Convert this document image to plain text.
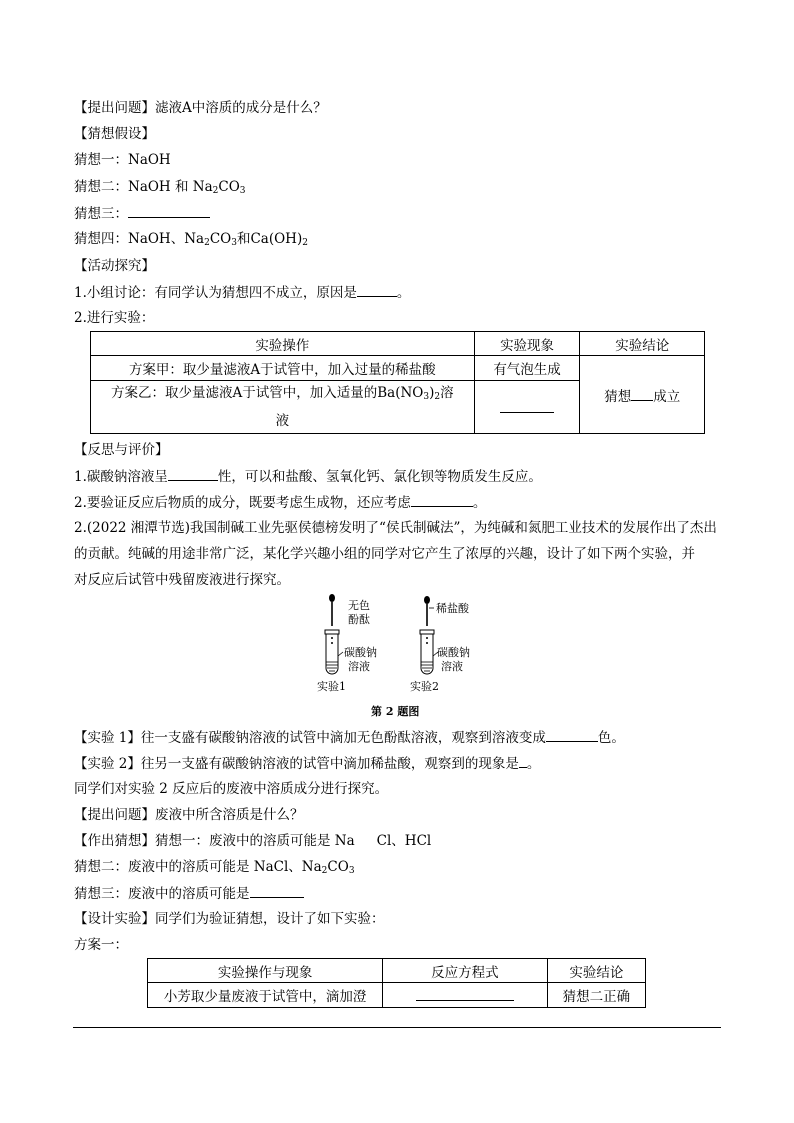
【提出问题】滤液A中溶质的成分是什么？
【猜想假设】
猜想一：NaOH
猜想二：NaOH 和 $Na_2CO_3$
猜想三：
猜想四：NaOH、$Na_2CO_3$和$Ca(OH)_2$
【活动探究】
1.小组讨论：有同学认为猜想四不成立，原因是	。
2.进行实验：
实验操作	实验现象	实验结论
方案甲：取少量滤液A于试管中，加入过量的稀盐酸	有气泡生成	猜想 成立
方案乙：取少量滤液A于试管中，加入适量的$Ba(NO_3)_2$溶
液		
【反思与评价】
1.碳酸钠溶液呈	性，可以和盐酸、氢氧化钙、氯化钡等物质发生反应。
2.要验证反应后物质的成分，既要考虑生成物，还应考虑	。
2.(2022 湘潭节选)我国制碱工业先驱侯德榜发明了“侯氏制碱法”，为纯碱和氮肥工业技术的发展作出了杰出
的贡献。纯碱的用途非常广泛，某化学兴趣小组的同学对它产生了浓厚的兴趣，设计了如下两个实验，并
对反应后试管中残留废液进行探究。
无色
酚酞
碳酸钠
溶液
实验1
稀盐酸
碳酸钠
溶液
实验2
第 2 题图
【实验 1】往一支盛有碳酸钠溶液的试管中滴加无色酚酞溶液，观察到溶液变成	色。
【实验 2】往另一支盛有碳酸钠溶液的试管中滴加稀盐酸，观察到的现象是 。
同学们对实验 2 反应后的废液中溶质成分进行探究。
【提出问题】废液中所含溶质是什么？
【作出猜想】猜想一：废液中的溶质可能是 Na Cl、HCl
猜想二：废液中的溶质可能是 NaCl、$Na_2CO_3$
猜想三：废液中的溶质可能是
【设计实验】同学们为验证猜想，设计了如下实验：
方案一：
实验操作与现象	反应方程式	实验结论
小芳取少量废液于试管中，滴加澄		猜想二正确
